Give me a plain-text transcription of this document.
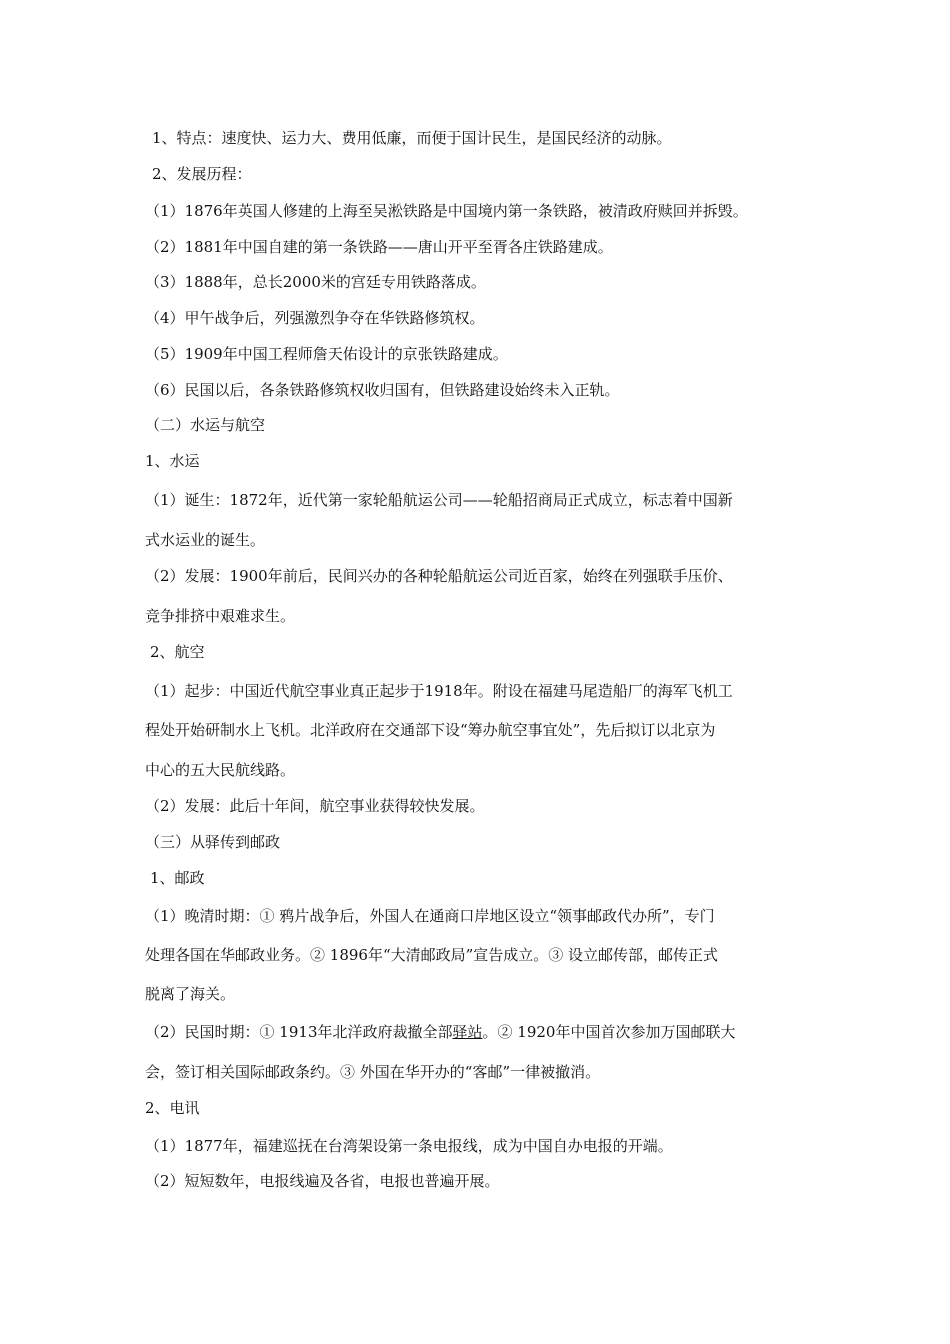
1、特点：速度快、运力大、费用低廉，而便于国计民生，是国民经济的动脉。
2、发展历程：
（1）1876年英国人修建的上海至吴淞铁路是中国境内第一条铁路，被清政府赎回并拆毁。
（2）1881年中国自建的第一条铁路——唐山开平至胥各庄铁路建成。
（3）1888年，总长2000米的宫廷专用铁路落成。
（4）甲午战争后，列强激烈争夺在华铁路修筑权。
（5）1909年中国工程师詹天佑设计的京张铁路建成。
（6）民国以后，各条铁路修筑权收归国有，但铁路建设始终未入正轨。
（二）水运与航空
1、水运
（1）诞生：1872年，近代第一家轮船航运公司——轮船招商局正式成立，标志着中国新
式水运业的诞生。
（2）发展：1900年前后，民间兴办的各种轮船航运公司近百家，始终在列强联手压价、
竞争排挤中艰难求生。
2、航空
（1）起步：中国近代航空事业真正起步于1918年。附设在福建马尾造船厂的海军飞机工
程处开始研制水上飞机。北洋政府在交通部下设“筹办航空事宜处”，先后拟订以北京为
中心的五大民航线路。
（2）发展：此后十年间，航空事业获得较快发展。
（三）从驿传到邮政
1、邮政
（1）晚清时期：① 鸦片战争后，外国人在通商口岸地区设立“领事邮政代办所”，专门
处理各国在华邮政业务。② 1896年“大清邮政局”宣告成立。③ 设立邮传部，邮传正式
脱离了海关。
（2）民国时期：① 1913年北洋政府裁撤全部驿站。② 1920年中国首次参加万国邮联大
会，签订相关国际邮政条约。③ 外国在华开办的“客邮”一律被撤消。
2、电讯
（1）1877年，福建巡抚在台湾架设第一条电报线，成为中国自办电报的开端。
（2）短短数年，电报线遍及各省，电报也普遍开展。
